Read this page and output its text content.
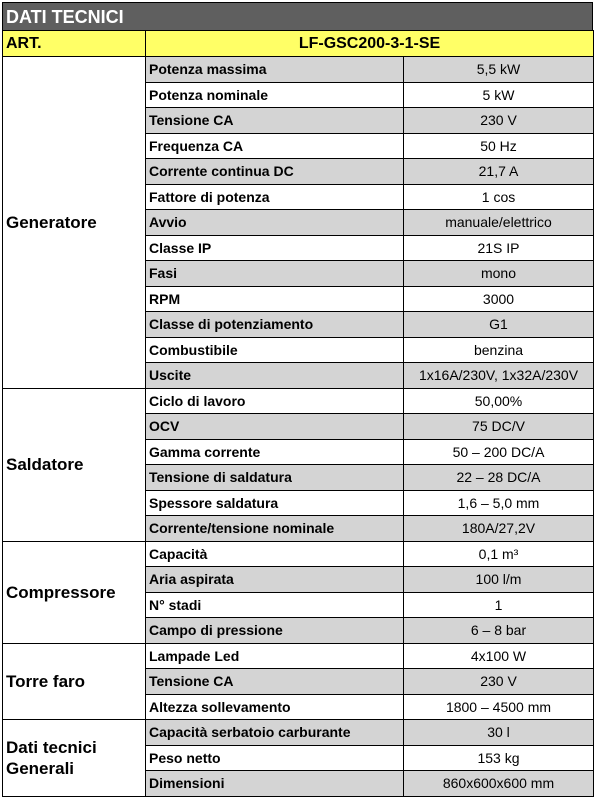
DATI TECNICI
ART.	LF-GSC200-3-1-SE	
Generatore	Potenza massima	5,5 kW
	Potenza nominale	5 kW
	Tensione CA	230 V
	Frequenza CA	50 Hz
	Corrente continua DC	21,7 A
	Fattore di potenza	1 cos
	Avvio	manuale/elettrico
	Classe IP	21S IP
	Fasi	mono
	RPM	3000
	Classe di potenziamento	G1
	Combustibile	benzina
	Uscite	1x16A/230V, 1x32A/230V
Saldatore	Ciclo di lavoro	50,00%
	OCV	75 DC/V
	Gamma corrente	50 – 200 DC/A
	Tensione di saldatura	22 – 28 DC/A
	Spessore saldatura	1,6 – 5,0 mm
	Corrente/tensione nominale	180A/27,2V
Compressore	Capacità	0,1 m³
	Aria aspirata	100 l/m
	N° stadi	1
	Campo di pressione	6 – 8 bar
Torre faro	Lampade Led	4x100 W
	Tensione CA	230 V
	Altezza sollevamento	1800 – 4500 mm
Dati tecnici Generali	Capacità serbatoio carburante	30 l
	Peso netto	153 kg
	Dimensioni	860x600x600 mm
